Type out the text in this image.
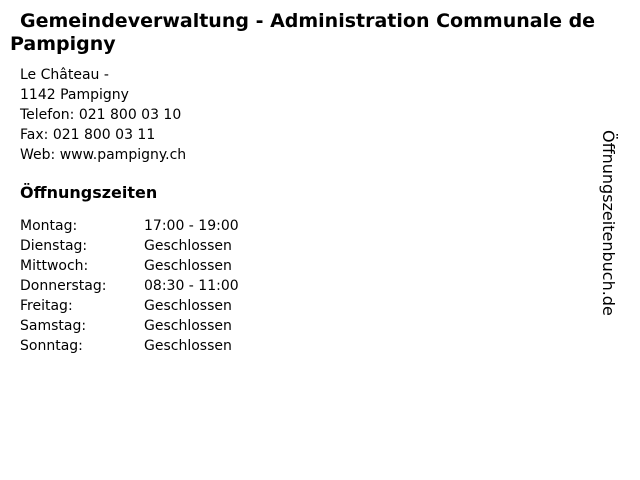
Gemeindeverwaltung - Administration Communale de Pampigny
Le Château -
1142 Pampigny
Telefon: 021 800 03 10
Fax: 021 800 03 11
Web: www.pampigny.ch
Öffnungszeiten
Montag:	17:00 - 19:00
Dienstag:	Geschlossen
Mittwoch:	Geschlossen
Donnerstag:	08:30 - 11:00
Freitag:	Geschlossen
Samstag:	Geschlossen
Sonntag:	Geschlossen
Öffnungszeitenbuch.de
